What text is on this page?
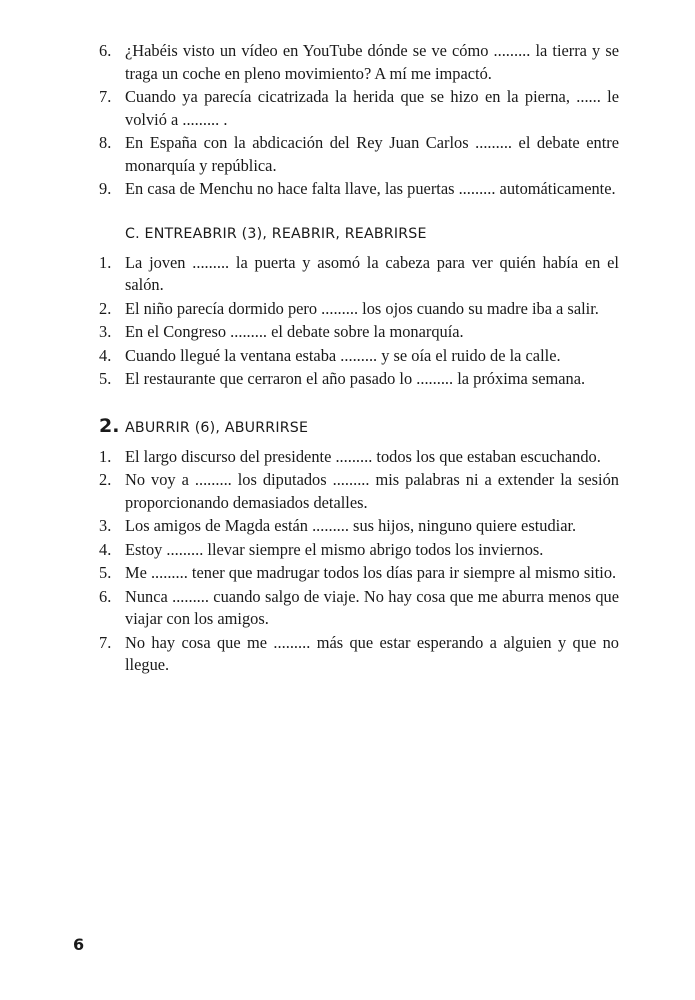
6. ¿Habéis visto un vídeo en YouTube dónde se ve cómo ......... la tierra y se traga un coche en pleno movimiento? A mí me impactó.
7. Cuando ya parecía cicatrizada la herida que se hizo en la pierna, ...... le volvió a ......... .
8. En España con la abdicación del Rey Juan Carlos ......... el debate entre monarquía y república.
9. En casa de Menchu no hace falta llave, las puertas ......... automáticamente.
C. ENTREABRIR (3), REABRIR, REABRIRSE
1. La joven ......... la puerta y asomó la cabeza para ver quién había en el salón.
2. El niño parecía dormido pero ......... los ojos cuando su madre iba a salir.
3. En el Congreso ......... el debate sobre la monarquía.
4. Cuando llegué la ventana estaba ......... y se oía el ruido de la calle.
5. El restaurante que cerraron el año pasado lo ......... la próxima semana.
2. ABURRIR (6), ABURRIRSE
1. El largo discurso del presidente ......... todos los que estaban escuchando.
2. No voy a ......... los diputados ......... mis palabras ni a extender la sesión proporcionando demasiados detalles.
3. Los amigos de Magda están ......... sus hijos, ninguno quiere estudiar.
4. Estoy ......... llevar siempre el mismo abrigo todos los inviernos.
5. Me ......... tener que madrugar todos los días para ir siempre al mismo sitio.
6. Nunca ......... cuando salgo de viaje. No hay cosa que me aburra menos que viajar con los amigos.
7. No hay cosa que me ......... más que estar esperando a alguien y que no llegue.
6
